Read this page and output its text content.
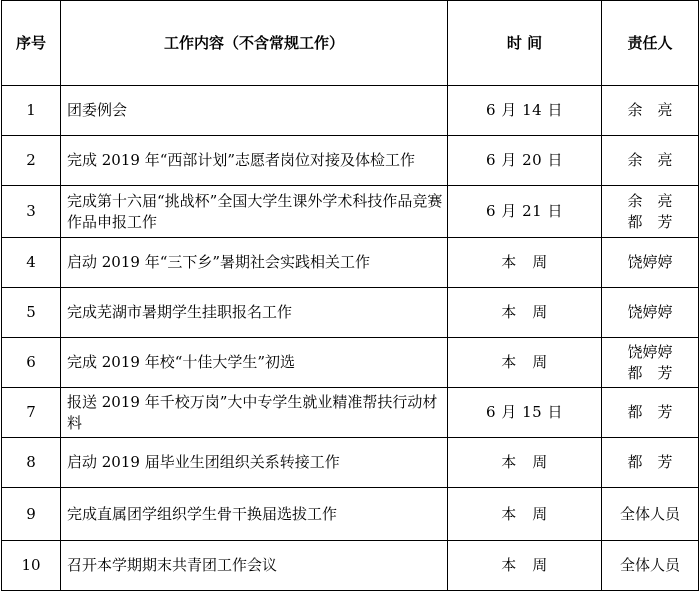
序号	工作内容（不含常规工作）	时 间	责任人
1	团委例会	6 月 14 日	余　亮

2	完成 2019 年“西部计划”志愿者岗位对接及体检工作	6 月 20 日	余　亮

3	完成第十六届“挑战杯”全国大学生课外学术科技作品竞赛作品申报工作	6 月 21 日	余　亮
都　芳

4	启动 2019 年“三下乡”暑期社会实践相关工作	本　周	饶婷婷

5	完成芜湖市暑期学生挂职报名工作	本　周	饶婷婷

6	完成 2019 年校“十佳大学生”初选	本　周	饶婷婷
都　芳

7	报送 2019 年千校万岗”大中专学生就业精准帮扶行动材料	6 月 15 日	都　芳

8	启动 2019 届毕业生团组织关系转接工作	本　周	都　芳

9	完成直属团学组织学生骨干换届选拔工作	本　周	全体人员

10	召开本学期期末共青团工作会议	本　周	全体人员
